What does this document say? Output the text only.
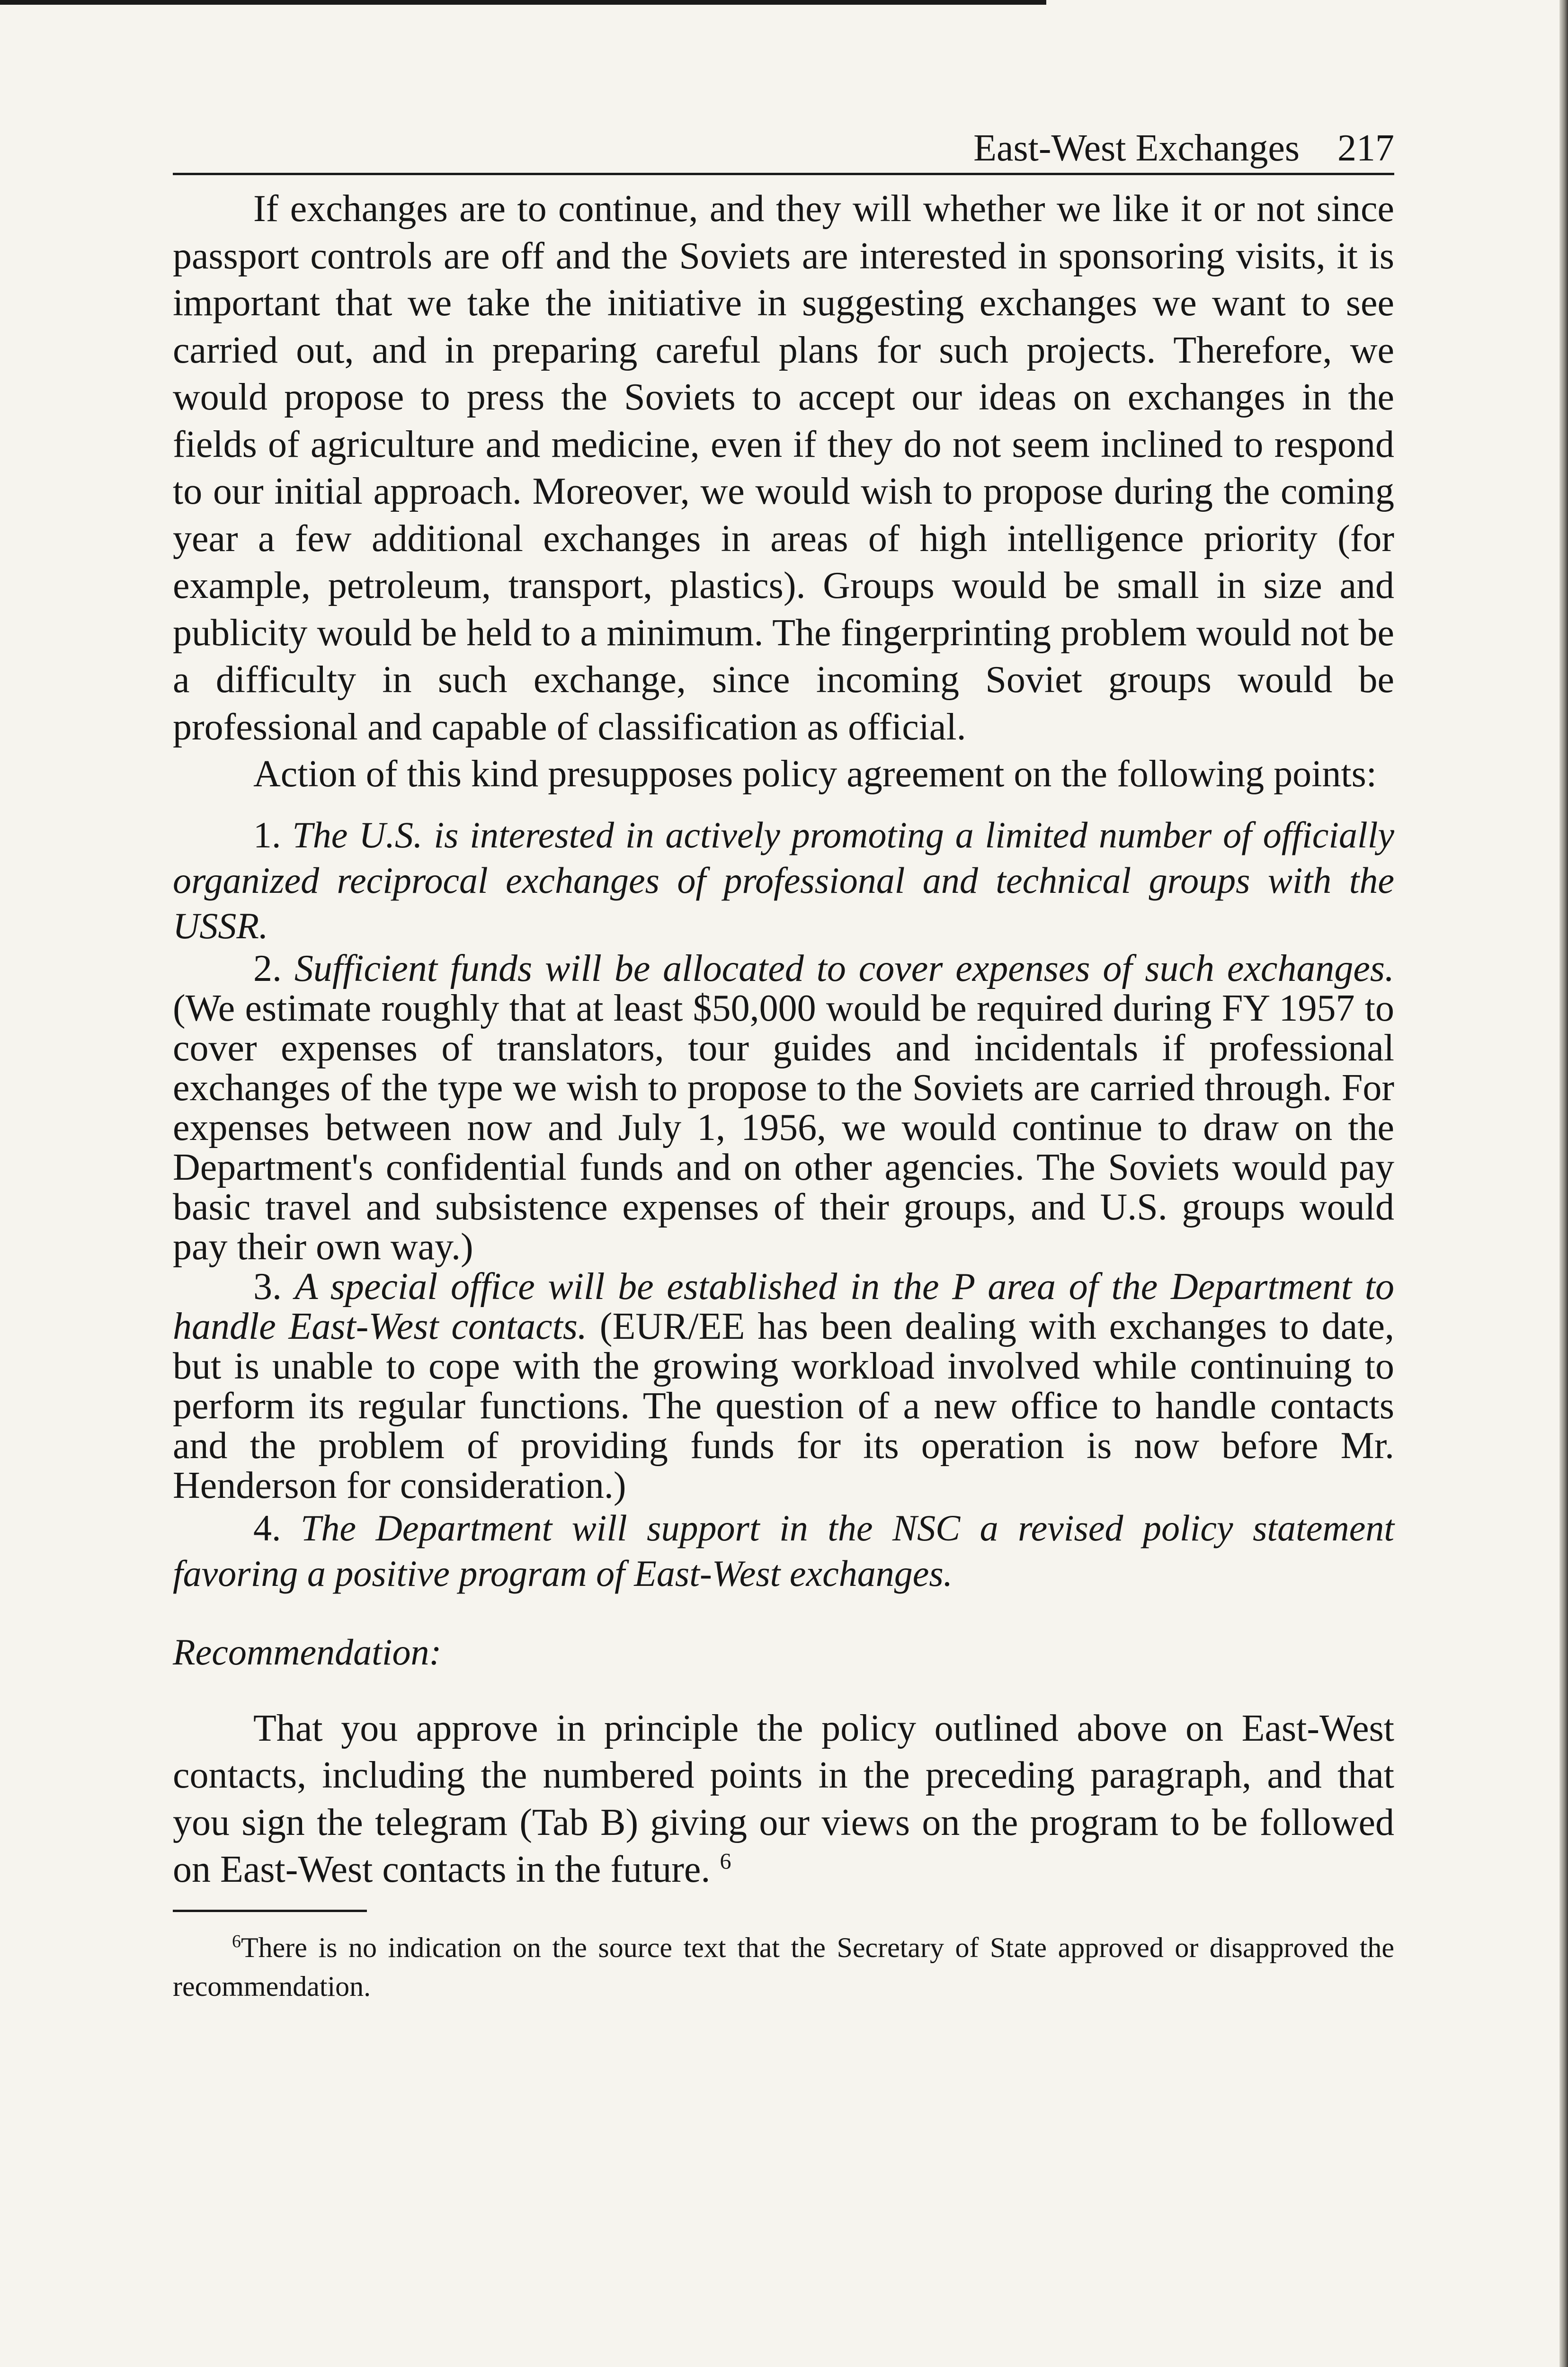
East-West Exchanges 217

If exchanges are to continue, and they will whether we like it or not since passport controls are off and the Soviets are interested in sponsoring visits, it is important that we take the initiative in suggesting exchanges we want to see carried out, and in preparing careful plans for such projects. Therefore, we would propose to press the Soviets to accept our ideas on exchanges in the fields of agriculture and medicine, even if they do not seem inclined to respond to our initial approach. Moreover, we would wish to propose during the coming year a few additional exchanges in areas of high intelligence priority (for example, petroleum, transport, plastics). Groups would be small in size and publicity would be held to a minimum. The fingerprinting problem would not be a difficulty in such exchange, since incoming Soviet groups would be professional and capable of classification as official.

Action of this kind presupposes policy agreement on the following points:

1. The U.S. is interested in actively promoting a limited number of officially organized reciprocal exchanges of professional and technical groups with the USSR.

2. Sufficient funds will be allocated to cover expenses of such exchanges. (We estimate roughly that at least $50,000 would be required during FY 1957 to cover expenses of translators, tour guides and incidentals if professional exchanges of the type we wish to propose to the Soviets are carried through. For expenses between now and July 1, 1956, we would continue to draw on the Department's confidential funds and on other agencies. The Soviets would pay basic travel and subsistence expenses of their groups, and U.S. groups would pay their own way.)

3. A special office will be established in the P area of the Department to handle East-West contacts. (EUR/EE has been dealing with exchanges to date, but is unable to cope with the growing workload involved while continuing to perform its regular functions. The question of a new office to handle contacts and the problem of providing funds for its operation is now before Mr. Henderson for consideration.)

4. The Department will support in the NSC a revised policy statement favoring a positive program of East-West exchanges.

Recommendation:

That you approve in principle the policy outlined above on East-West contacts, including the numbered points in the preceding paragraph, and that you sign the telegram (Tab B) giving our views on the program to be followed on East-West contacts in the future. $^6$

$^6$There is no indication on the source text that the Secretary of State approved or disapproved the recommendation.
